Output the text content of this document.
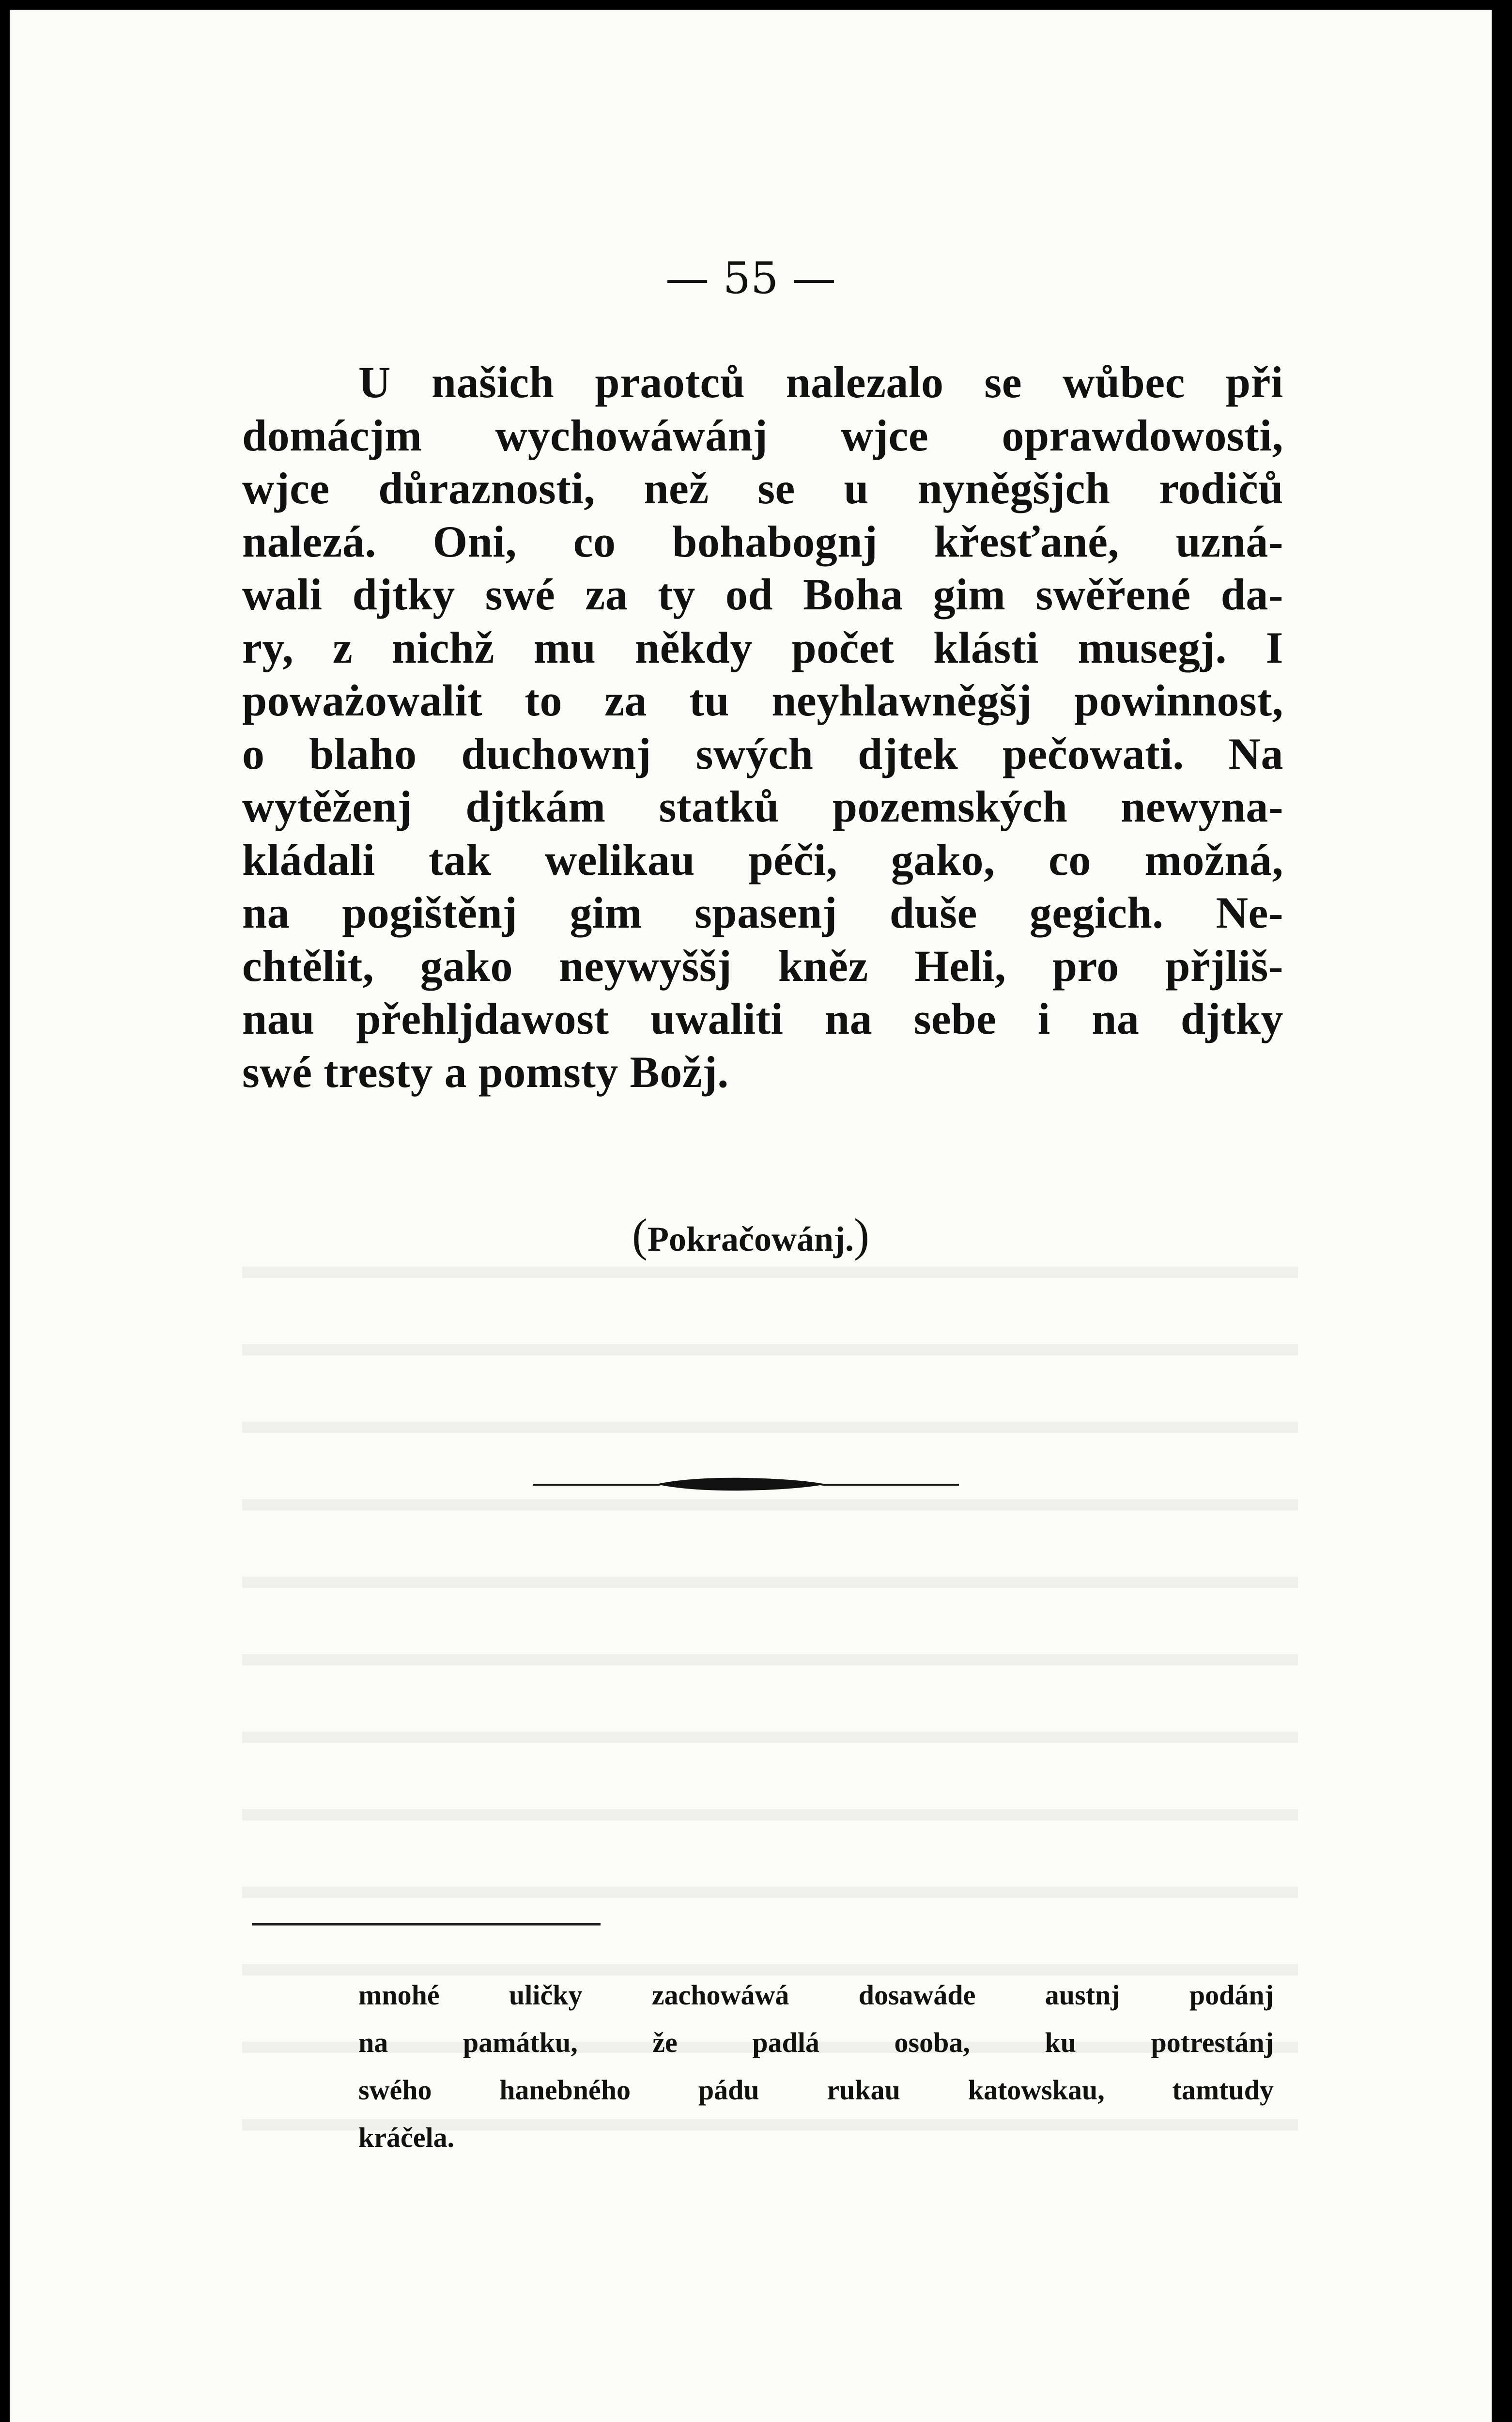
— 55 —
U našich praotců nalezalo se wůbec při
domácjm wychowáwánj wjce oprawdowosti,
wjce důraznosti, než se u nyněgšjch rodičů
nalezá. Oni, co bohabognj křesťané, uzná-
wali djtky swé za ty od Boha gim swěřené da-
ry, z nichž mu někdy počet klásti musegj. I
poważowalit to za tu neyhlawněgšj powinnost,
o blaho duchownj swých djtek pečowati. Na
wytěženj djtkám statků pozemských newyna-
kládali tak welikau péči, gako, co možná,
na pogištěnj gim spasenj duše gegich. Ne-
chtělit, gako neywyššj kněz Heli, pro přjliš-
nau přehljdawost uwaliti na sebe i na djtky
swé tresty a pomsty Božj.
(Pokračowánj.)
mnohé uličky zachowáwá dosawáde austnj podánj
na památku, že padlá osoba, ku potrestánj
swého hanebného pádu rukau katowskau, tamtudy
kráčela.
